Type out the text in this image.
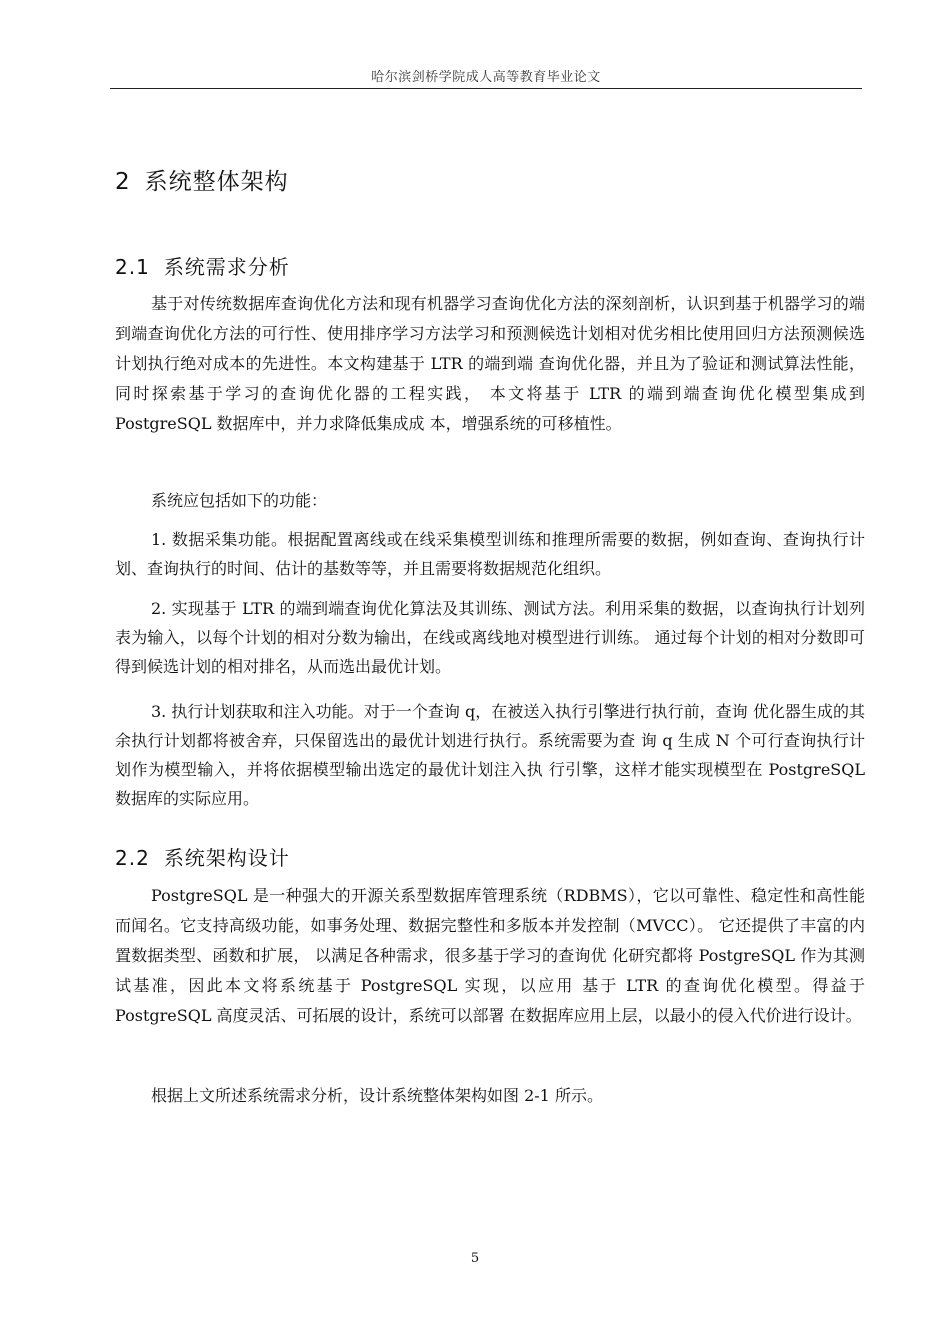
哈尔滨剑桥学院成人高等教育毕业论文
2 系统整体架构
2.1 系统需求分析

基于对传统数据库查询优化方法和现有机器学习查询优化方法的深刻剖析，认识到基于机器学习的端到端查询优化方法的可行性、使用排序学习方法学习和预测候选计划相对优劣相比使用回归方法预测候选计划执行绝对成本的先进性。本文构建基于 LTR 的端到端 查询优化器，并且为了验证和测试算法性能，同时探索基于学习的查询优化器的工程实践， 本文将基于 LTR 的端到端查询优化模型集成到 PostgreSQL 数据库中，并力求降低集成成 本，增强系统的可移植性。

系统应包括如下的功能：

1. 数据采集功能。根据配置离线或在线采集模型训练和推理所需要的数据，例如查询、查询执行计划、查询执行的时间、估计的基数等等，并且需要将数据规范化组织。

2. 实现基于 LTR 的端到端查询优化算法及其训练、测试方法。利用采集的数据，以查询执行计划列表为输入，以每个计划的相对分数为输出，在线或离线地对模型进行训练。 通过每个计划的相对分数即可得到候选计划的相对排名，从而选出最优计划。

3. 执行计划获取和注入功能。对于一个查询 q，在被送入执行引擎进行执行前，查询 优化器生成的其余执行计划都将被舍弃，只保留选出的最优计划进行执行。系统需要为查 询 q 生成 N 个可行查询执行计划作为模型输入，并将依据模型输出选定的最优计划注入执 行引擎，这样才能实现模型在 PostgreSQL 数据库的实际应用。

2.2 系统架构设计

PostgreSQL 是一种强大的开源关系型数据库管理系统（RDBMS），它以可靠性、稳定性和高性能而闻名。它支持高级功能，如事务处理、数据完整性和多版本并发控制（MVCC）。 它还提供了丰富的内置数据类型、函数和扩展， 以满足各种需求，很多基于学习的查询优 化研究都将 PostgreSQL 作为其测试基准，因此本文将系统基于 PostgreSQL 实现，以应用 基于 LTR 的查询优化模型。得益于 PostgreSQL 高度灵活、可拓展的设计，系统可以部署 在数据库应用上层，以最小的侵入代价进行设计。

根据上文所述系统需求分析，设计系统整体架构如图 2-1 所示。

5
